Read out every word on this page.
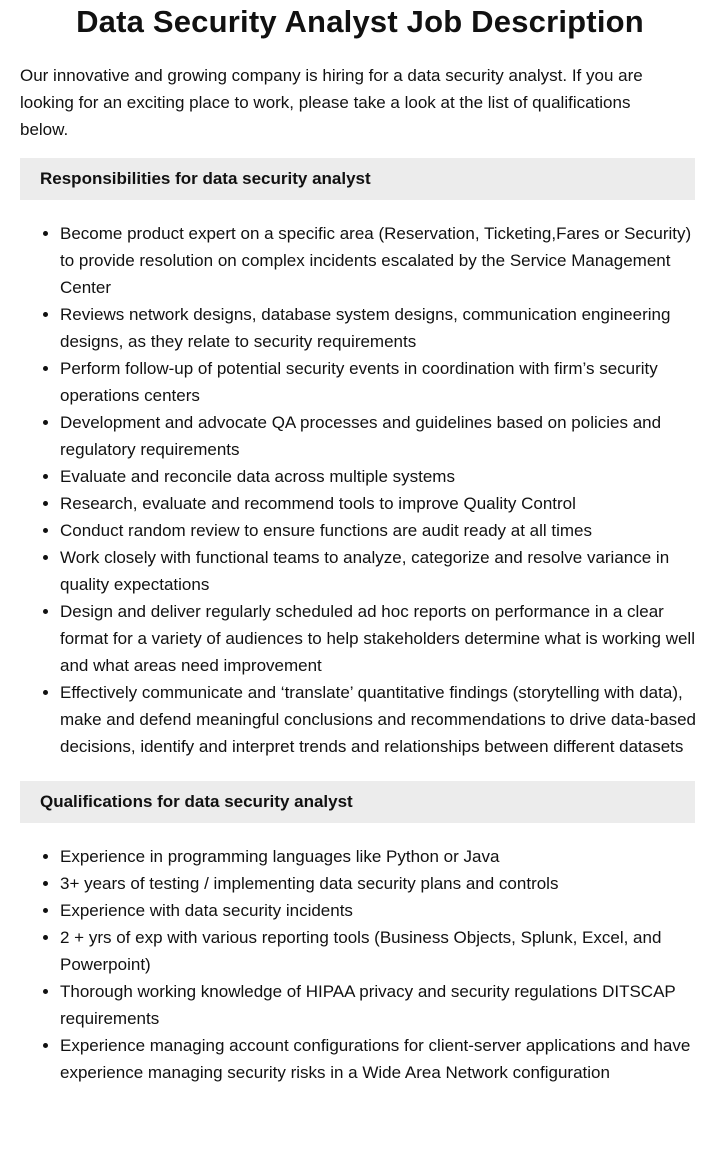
Data Security Analyst Job Description

Our innovative and growing company is hiring for a data security analyst. If you are looking for an exciting place to work, please take a look at the list of qualifications below.

Responsibilities for data security analyst
• Become product expert on a specific area (Reservation, Ticketing,Fares or Security) to provide resolution on complex incidents escalated by the Service Management Center
• Reviews network designs, database system designs, communication engineering designs, as they relate to security requirements
• Perform follow-up of potential security events in coordination with firm’s security operations centers
• Development and advocate QA processes and guidelines based on policies and regulatory requirements
• Evaluate and reconcile data across multiple systems
• Research, evaluate and recommend tools to improve Quality Control
• Conduct random review to ensure functions are audit ready at all times
• Work closely with functional teams to analyze, categorize and resolve variance in quality expectations
• Design and deliver regularly scheduled ad hoc reports on performance in a clear format for a variety of audiences to help stakeholders determine what is working well and what areas need improvement
• Effectively communicate and ‘translate’ quantitative findings (storytelling with data), make and defend meaningful conclusions and recommendations to drive data-based decisions, identify and interpret trends and relationships between different datasets
Qualifications for data security analyst
• Experience in programming languages like Python or Java
• 3+ years of testing / implementing data security plans and controls
• Experience with data security incidents
• 2 + yrs of exp with various reporting tools (Business Objects, Splunk, Excel, and Powerpoint)
• Thorough working knowledge of HIPAA privacy and security regulations DITSCAP requirements
• Experience managing account configurations for client-server applications and have experience managing security risks in a Wide Area Network configuration
